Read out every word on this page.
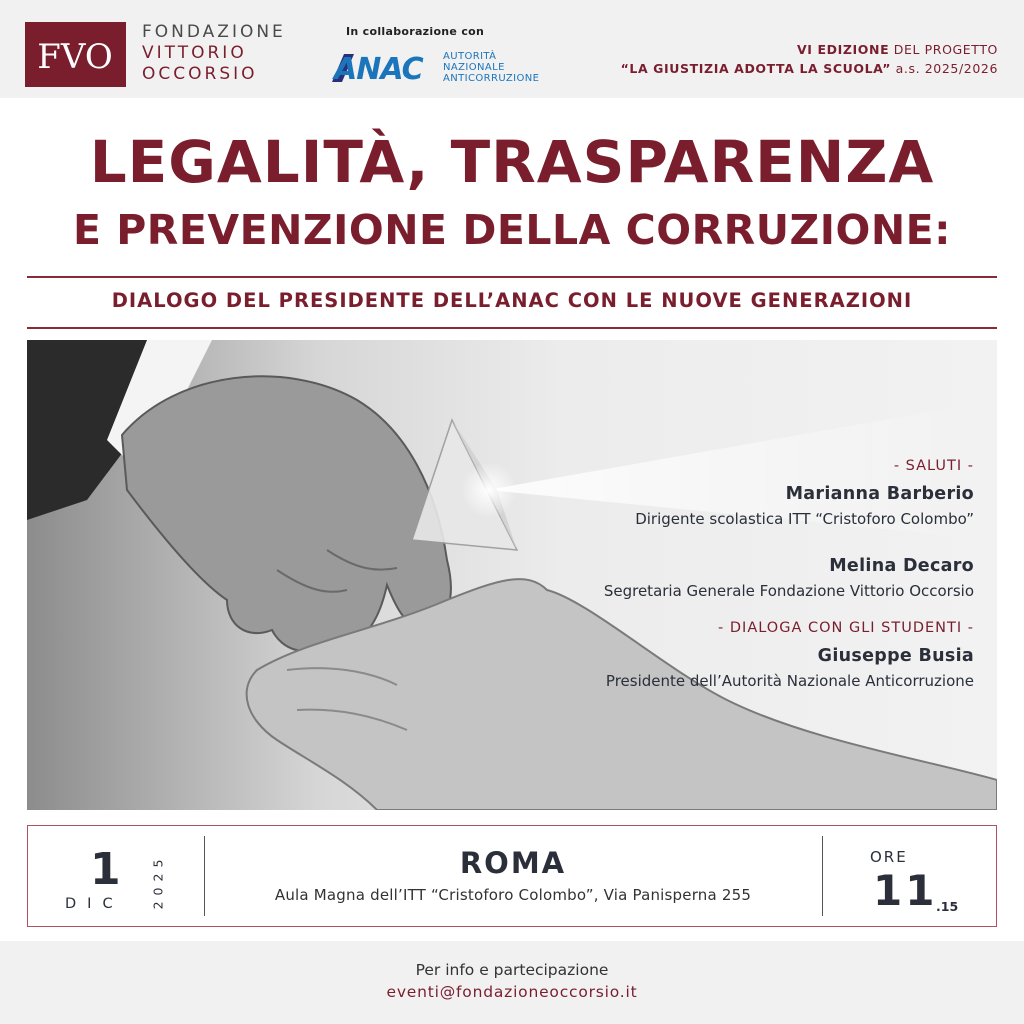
FVO
FONDAZIONE
VITTORIO
OCCORSIO
In collaborazione con
ANAC AUTORITÀ
NAZIONALE
ANTICORRUZIONE
VI EDIZIONE DEL PROGETTO
“LA GIUSTIZIA ADOTTA LA SCUOLA” a.s. 2025/2026
LEGALITÀ, TRASPARENZA
E PREVENZIONE DELLA CORRUZIONE:
DIALOGO DEL PRESIDENTE DELL’ANAC CON LE NUOVE GENERAZIONI
- SALUTI -
Marianna Barberio
Dirigente scolastica ITT “Cristoforo Colombo”
Melina Decaro
Segretaria Generale Fondazione Vittorio Occorsio
- DIALOGA CON GLI STUDENTI -
Giuseppe Busia
Presidente dell’Autorità Nazionale Anticorruzione
1
DIC 2025	ROMA
Aula Magna dell’ITT “Cristoforo Colombo”, Via Panisperna 255
ORE
11
.15
Per info e partecipazione
eventi@fondazioneoccorsio.it
